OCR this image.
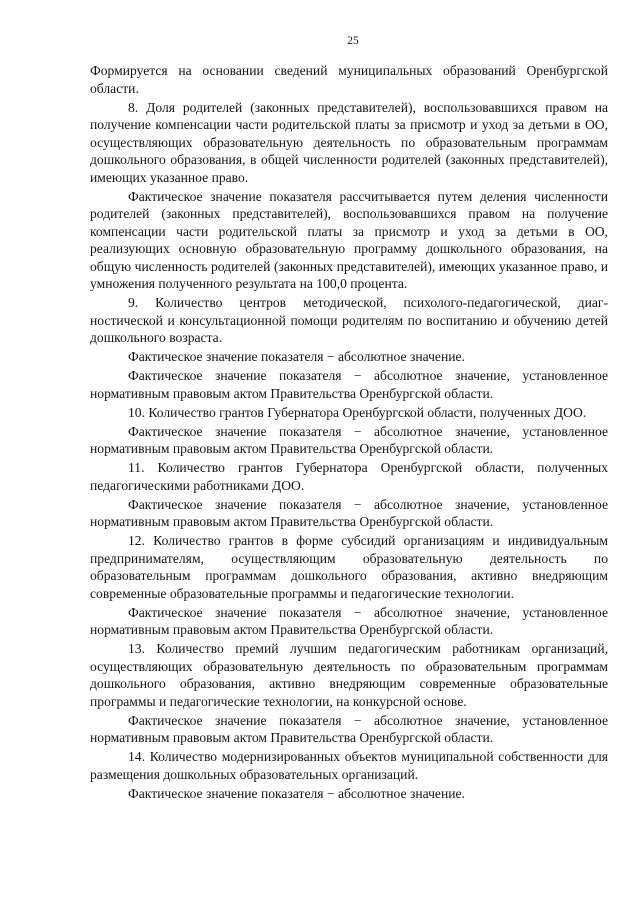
25

Формируется на основании сведений муниципальных образований Оренбургской области.

8. Доля родителей (законных представителей), воспользовавшихся правом на получение компенсации части родительской платы за присмотр и уход за детьми в ОО, осуществляющих образовательную деятельность по образовательным программам дошкольного образования, в общей численности родителей (законных представителей), имеющих указанное право.

Фактическое значение показателя рассчитывается путем деления численности родителей (законных представителей), воспользовавшихся правом на получение компенсации части родительской платы за присмотр и уход за детьми в ОО, реализующих основную образовательную программу дошкольного образования, на общую численность родителей (законных представителей), имеющих указанное право, и умножения полученного результата на 100,0 процента.

9. Количество центров методической, психолого-педагогической, диагностической и консультационной помощи родителям по воспитанию и обучению детей дошкольного возраста.

Фактическое значение показателя − абсолютное значение.

Фактическое значение показателя − абсолютное значение, установленное нормативным правовым актом Правительства Оренбургской области.

10. Количество грантов Губернатора Оренбургской области, полученных ДОО.

Фактическое значение показателя − абсолютное значение, установленное нормативным правовым актом Правительства Оренбургской области.

11. Количество грантов Губернатора Оренбургской области, полученных педагогическими работниками ДОО.

Фактическое значение показателя − абсолютное значение, установленное нормативным правовым актом Правительства Оренбургской области.

12. Количество грантов в форме субсидий организациям и индивидуальным предпринимателям, осуществляющим образовательную деятельность по образовательным программам дошкольного образования, активно внедряющим современные образовательные программы и педагогические технологии.

Фактическое значение показателя − абсолютное значение, установленное нормативным правовым актом Правительства Оренбургской области.

13. Количество премий лучшим педагогическим работникам организаций, осуществляющих образовательную деятельность по образовательным программам дошкольного образования, активно внедряющим современные образовательные программы и педагогические технологии, на конкурсной основе.

Фактическое значение показателя − абсолютное значение, установленное нормативным правовым актом Правительства Оренбургской области.

14. Количество модернизированных объектов муниципальной собственности для размещения дошкольных образовательных организаций.

Фактическое значение показателя − абсолютное значение.
